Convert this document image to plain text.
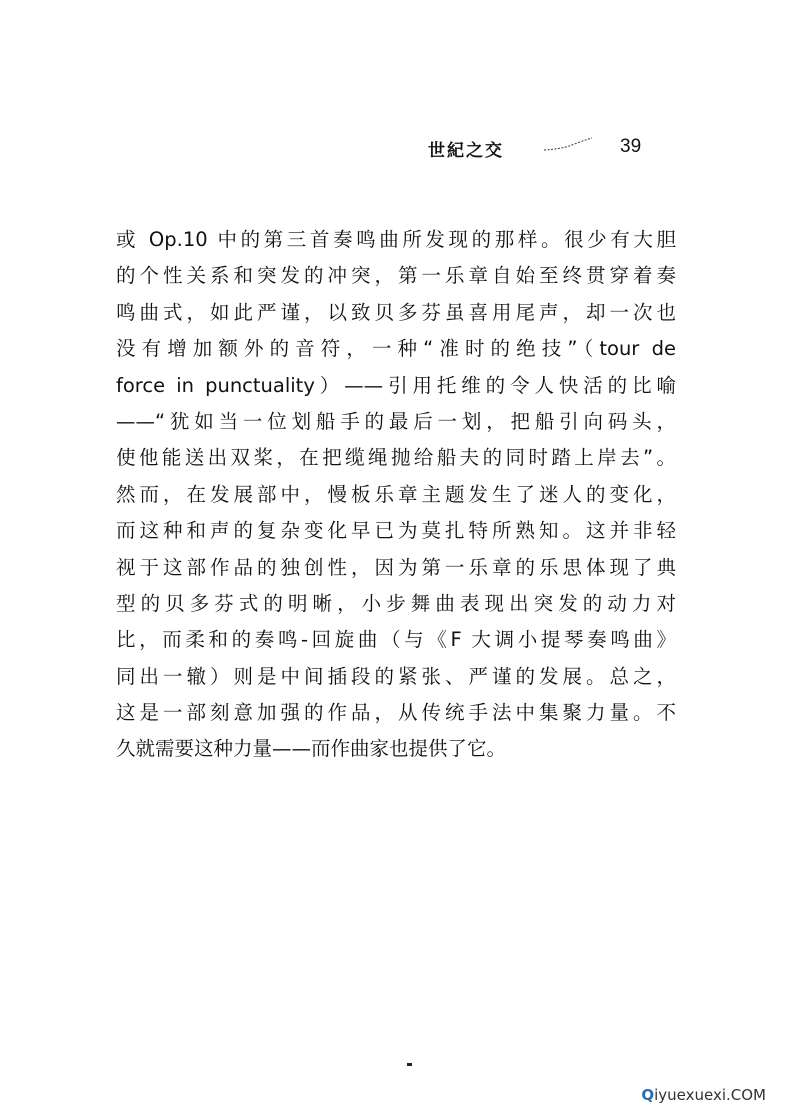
世紀之交	39
或 Op.10 中的第三首奏鸣曲所发现的那样。很少有大胆
的个性关系和突发的冲突，第一乐章自始至终贯穿着奏
鸣曲式，如此严谨，以致贝多芬虽喜用尾声，却一次也
没有增加额外的音符，一种“准时的绝技”（tour de
force in punctuality）——引用托维的令人快活的比喻
——“犹如当一位划船手的最后一划，把船引向码头，
使他能送出双桨，在把缆绳抛给船夫的同时踏上岸去”。
然而，在发展部中，慢板乐章主题发生了迷人的变化，
而这种和声的复杂变化早已为莫扎特所熟知。这并非轻
视于这部作品的独创性，因为第一乐章的乐思体现了典
型的贝多芬式的明晰，小步舞曲表现出突发的动力对
比，而柔和的奏鸣-回旋曲（与《F 大调小提琴奏鸣曲》
同出一辙）则是中间插段的紧张、严谨的发展。总之，
这是一部刻意加强的作品，从传统手法中集聚力量。不
久就需要这种力量——而作曲家也提供了它。
Qiyuexuexi.COM
